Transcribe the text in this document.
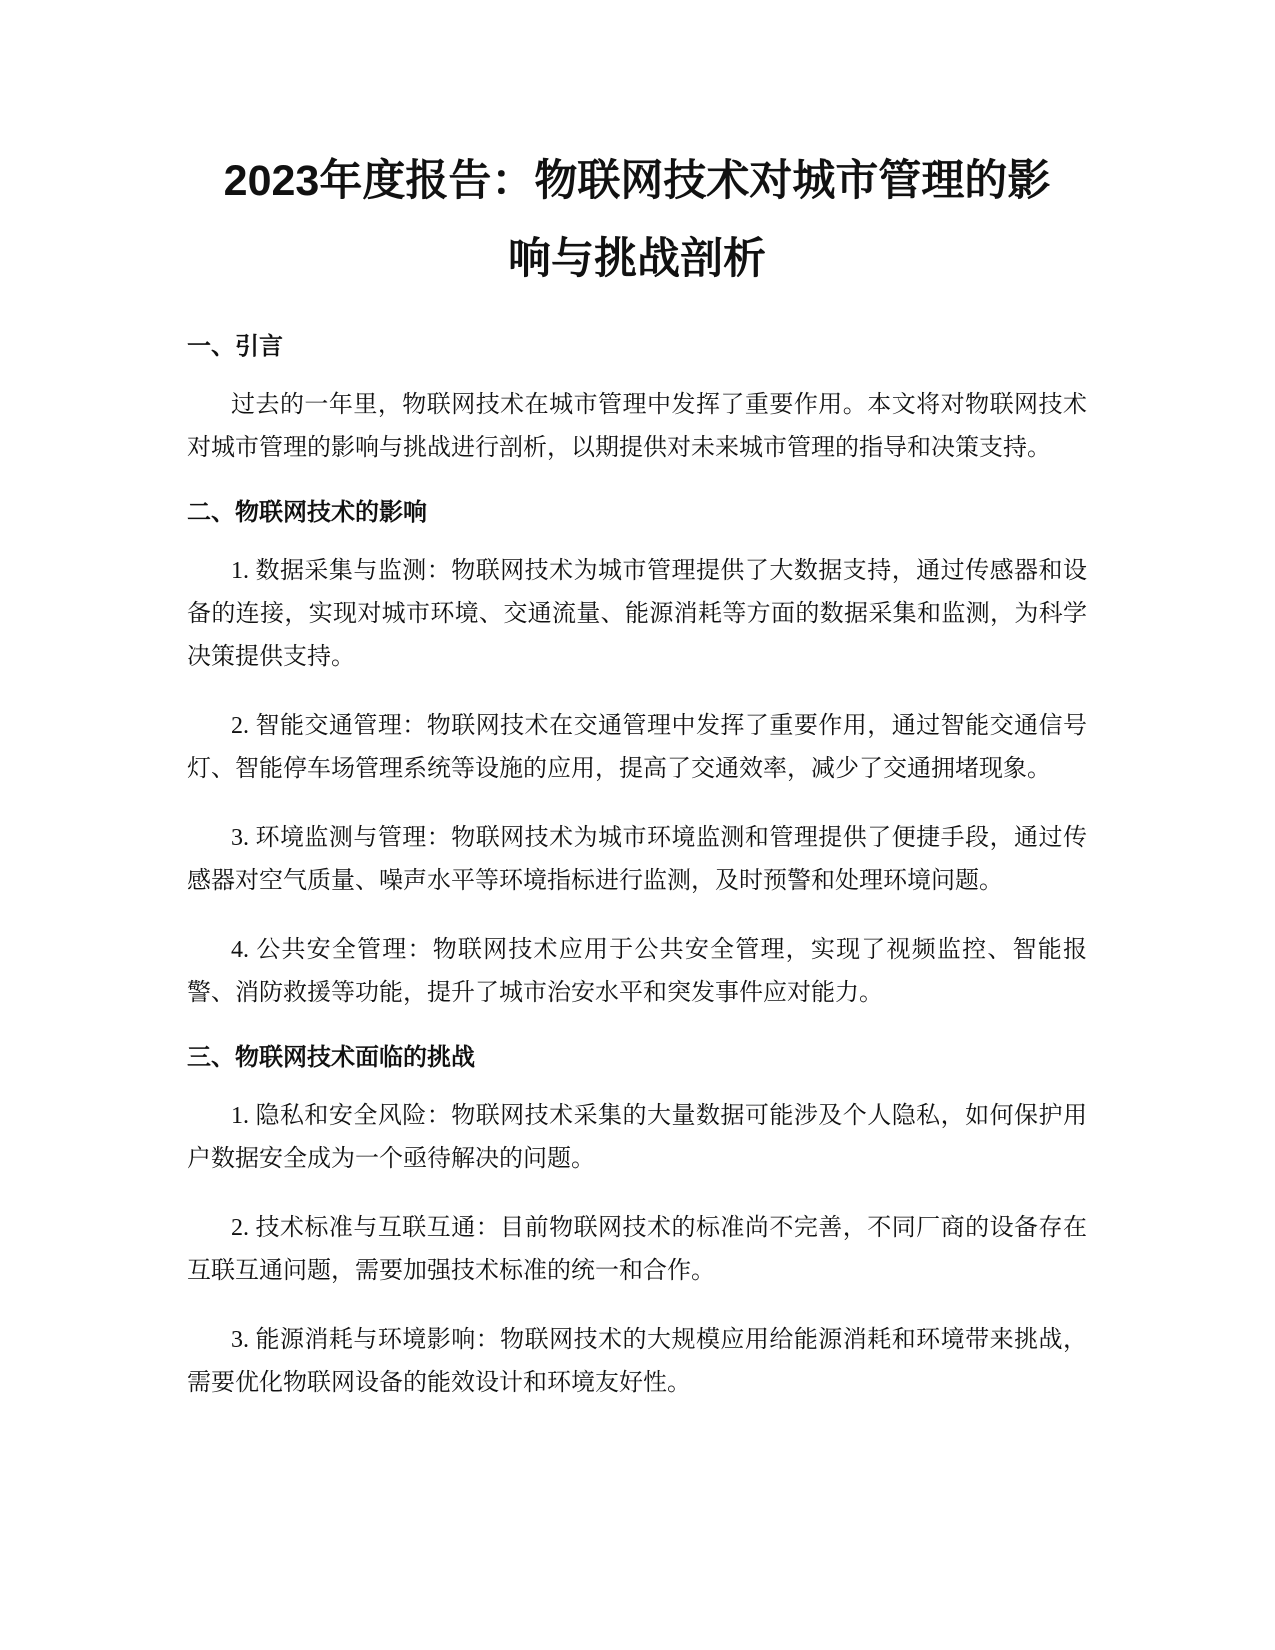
2023年度报告：物联网技术对城市管理的影
响与挑战剖析
一、引言

过去的一年里，物联网技术在城市管理中发挥了重要作用。本文将对物联网技术对城市管理的影响与挑战进行剖析，以期提供对未来城市管理的指导和决策支持。

二、物联网技术的影响

1. 数据采集与监测：物联网技术为城市管理提供了大数据支持，通过传感器和设备的连接，实现对城市环境、交通流量、能源消耗等方面的数据采集和监测，为科学决策提供支持。

2. 智能交通管理：物联网技术在交通管理中发挥了重要作用，通过智能交通信号灯、智能停车场管理系统等设施的应用，提高了交通效率，减少了交通拥堵现象。

3. 环境监测与管理：物联网技术为城市环境监测和管理提供了便捷手段，通过传感器对空气质量、噪声水平等环境指标进行监测，及时预警和处理环境问题。

4. 公共安全管理：物联网技术应用于公共安全管理，实现了视频监控、智能报警、消防救援等功能，提升了城市治安水平和突发事件应对能力。

三、物联网技术面临的挑战

1. 隐私和安全风险：物联网技术采集的大量数据可能涉及个人隐私，如何保护用户数据安全成为一个亟待解决的问题。

2. 技术标准与互联互通：目前物联网技术的标准尚不完善，不同厂商的设备存在互联互通问题，需要加强技术标准的统一和合作。

3. 能源消耗与环境影响：物联网技术的大规模应用给能源消耗和环境带来挑战，需要优化物联网设备的能效设计和环境友好性。
